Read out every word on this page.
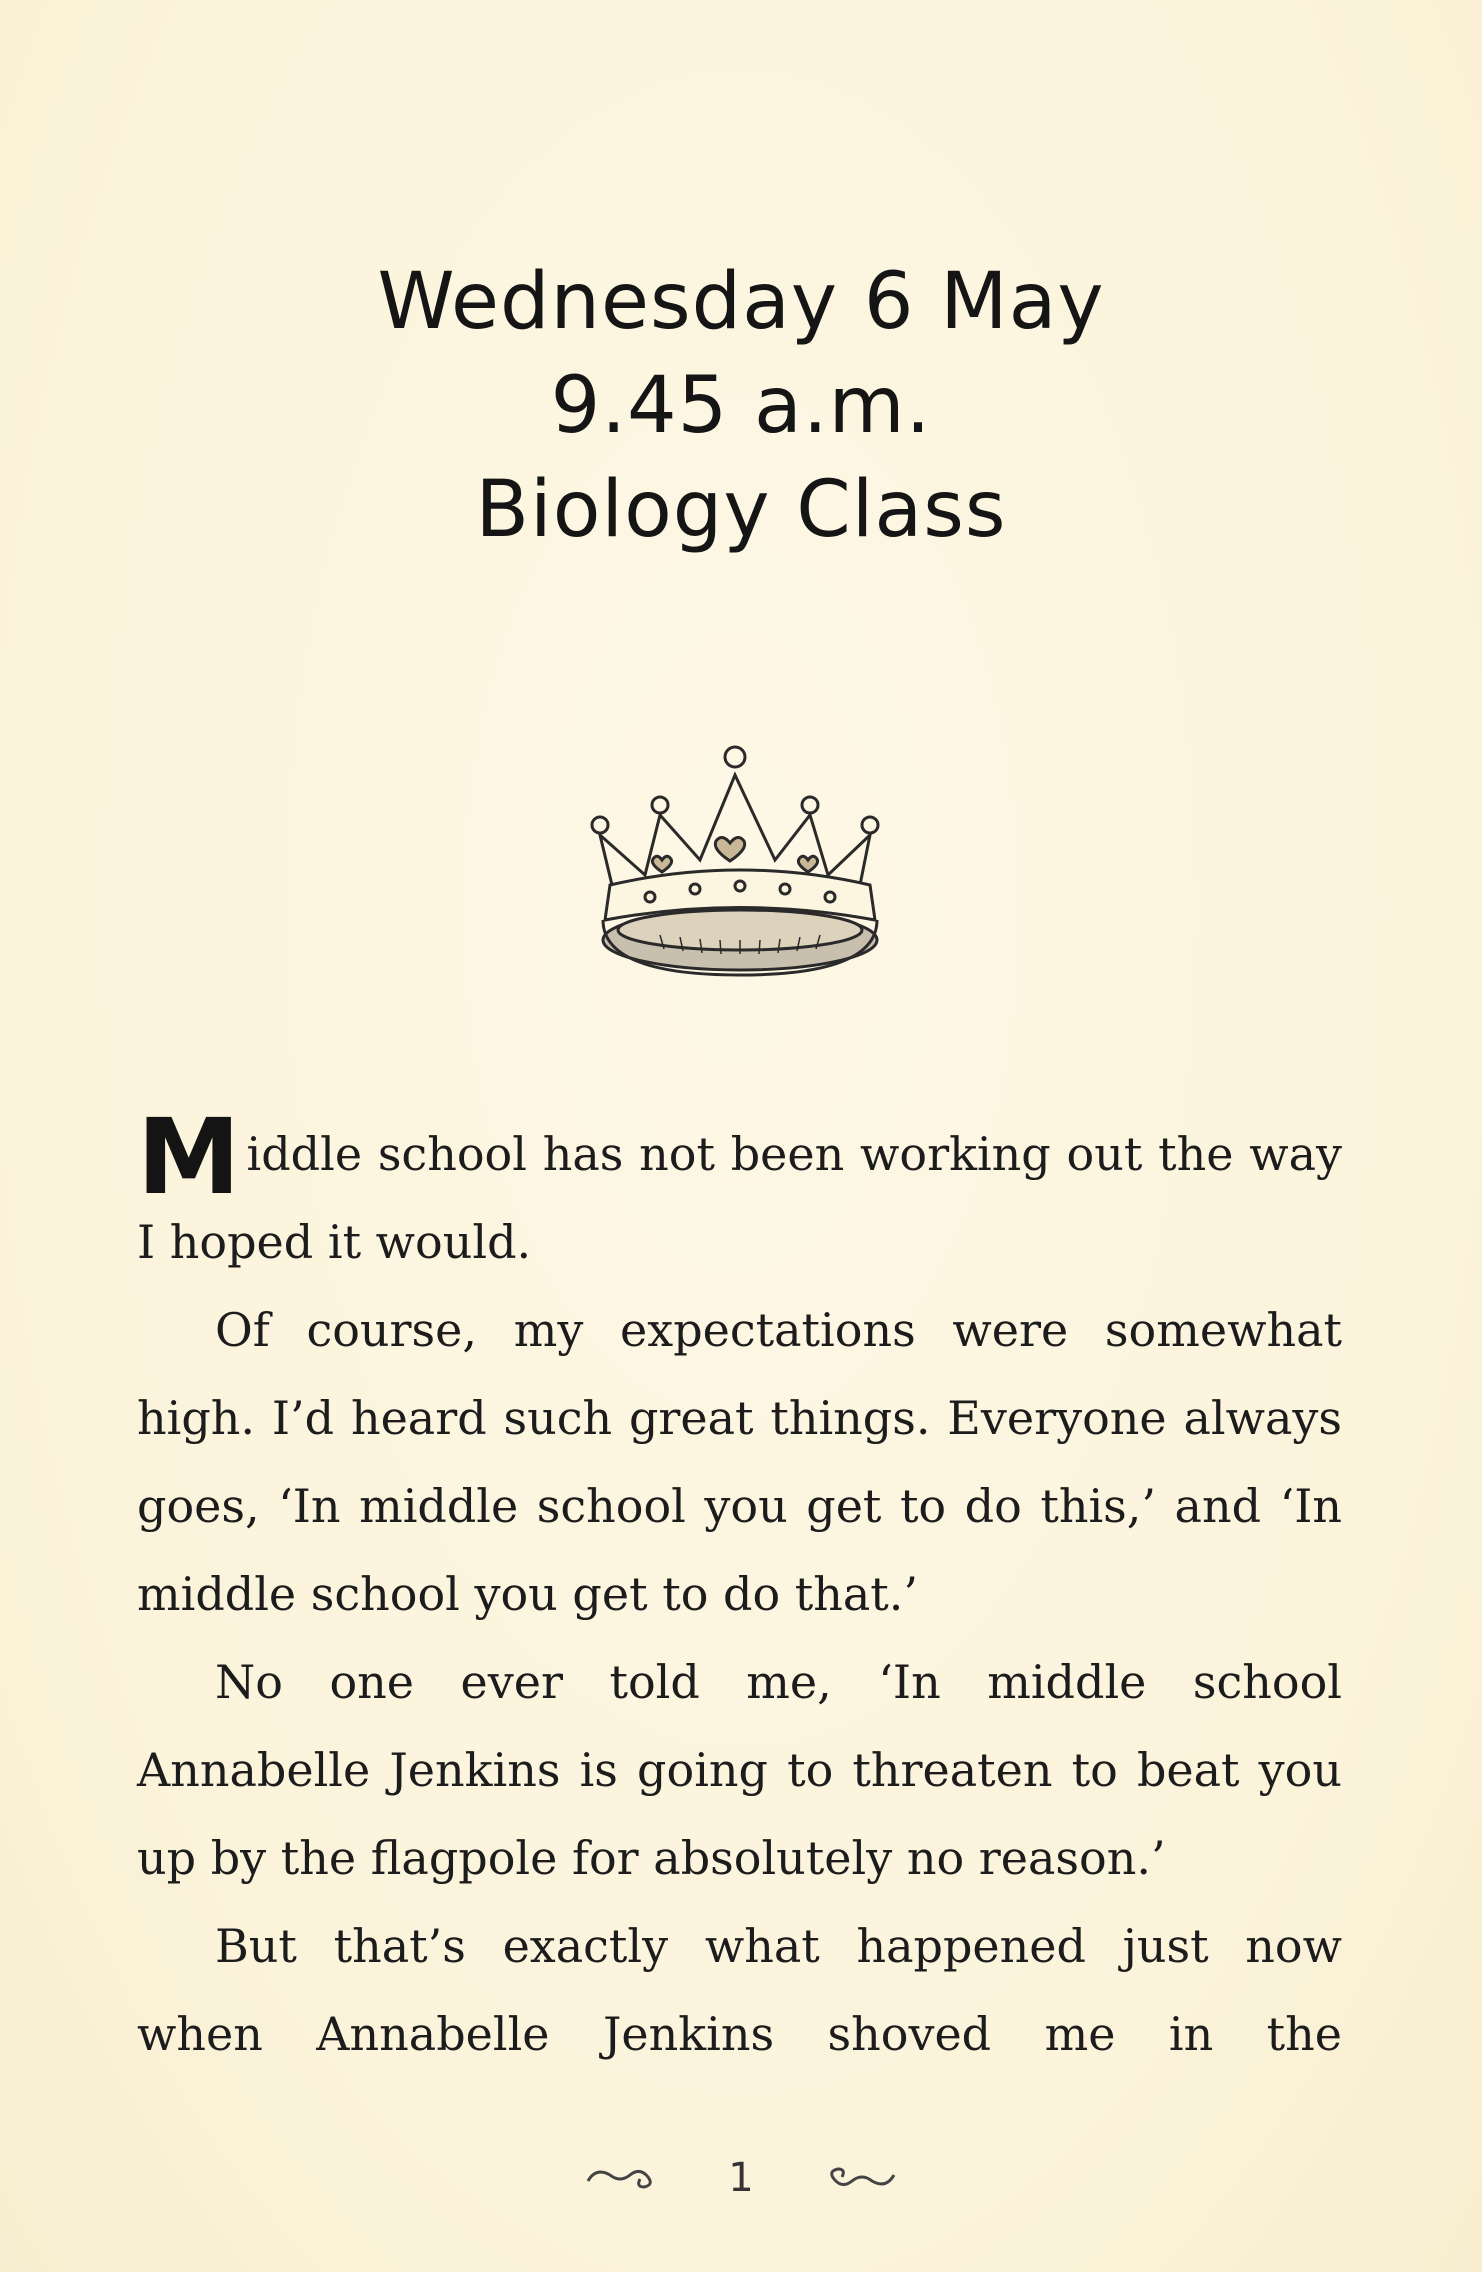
Wednesday 6 May
9.45 a.m.
Biology Class

Middle school has not been working out the way I hoped it would.

Of course, my expectations were somewhat high. I’d heard such great things. Everyone always goes, ‘In middle school you get to do this,’ and ‘In middle school you get to do that.’

No one ever told me, ‘In middle school Annabelle Jenkins is going to threaten to beat you up by the flagpole for absolutely no reason.’

But that’s exactly what happened just now when Annabelle Jenkins shoved me in the

1
